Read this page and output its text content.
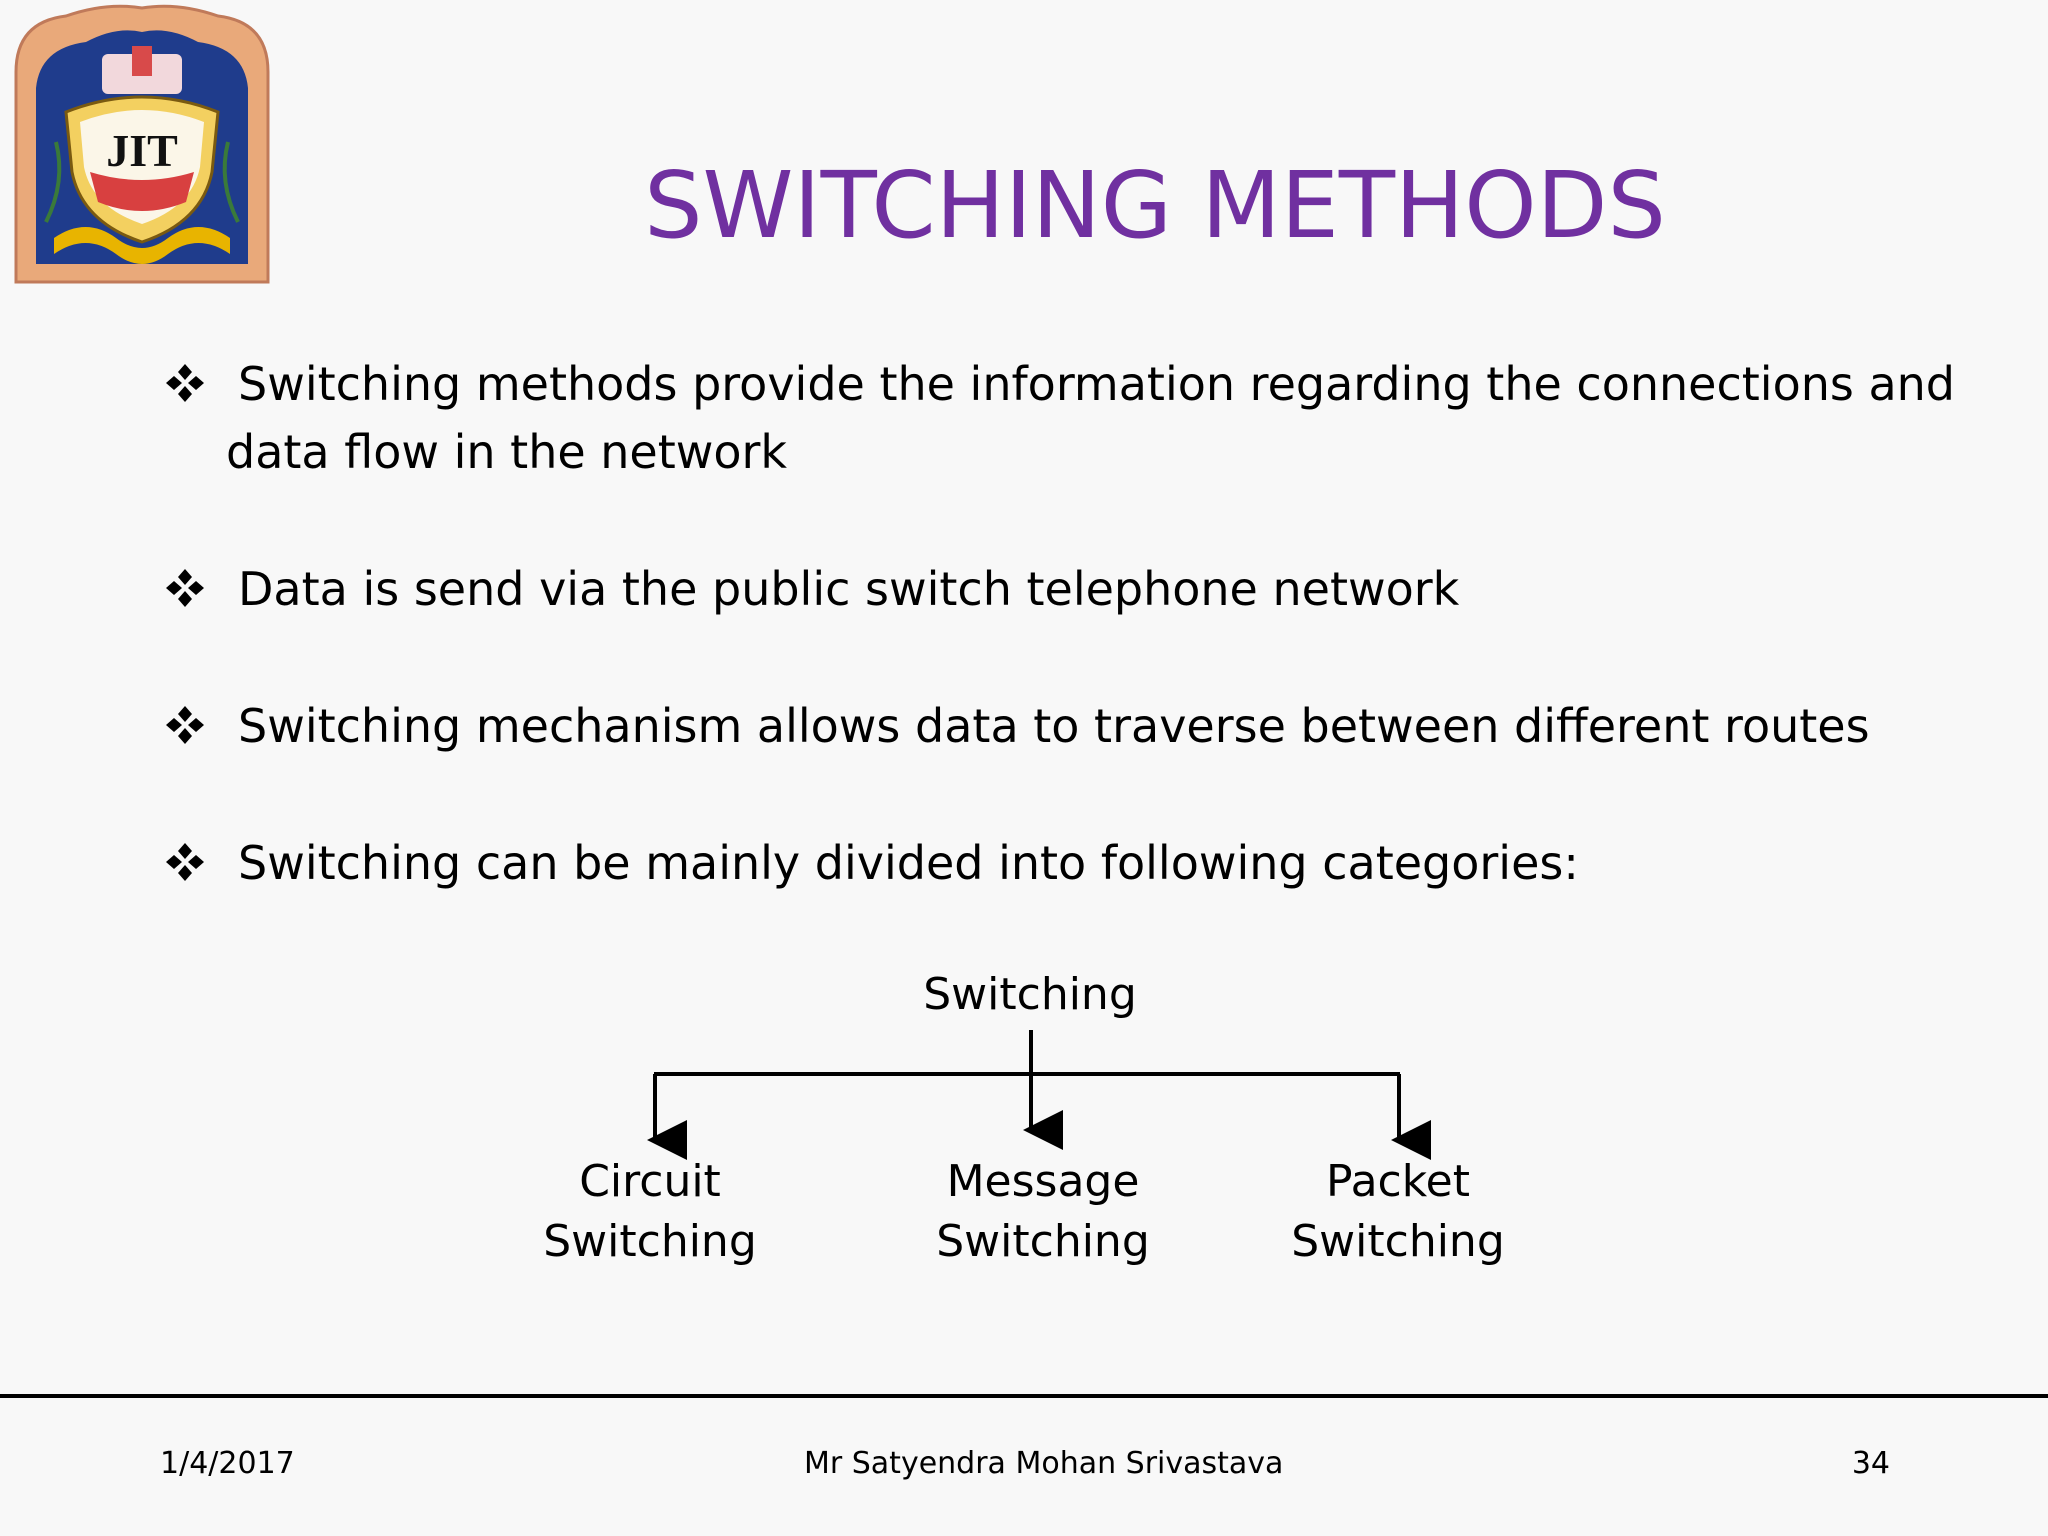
JIT
SWITCHING METHODS
Switching methods provide the information regarding the connections and
data flow in the network
Data is send via the public switch telephone network
Switching mechanism allows data to traverse between different routes
Switching can be mainly divided into following categories:
Switching
Circuit
Switching
Message
Switching
Packet
Switching
1/4/2017	Mr Satyendra Mohan Srivastava	34
